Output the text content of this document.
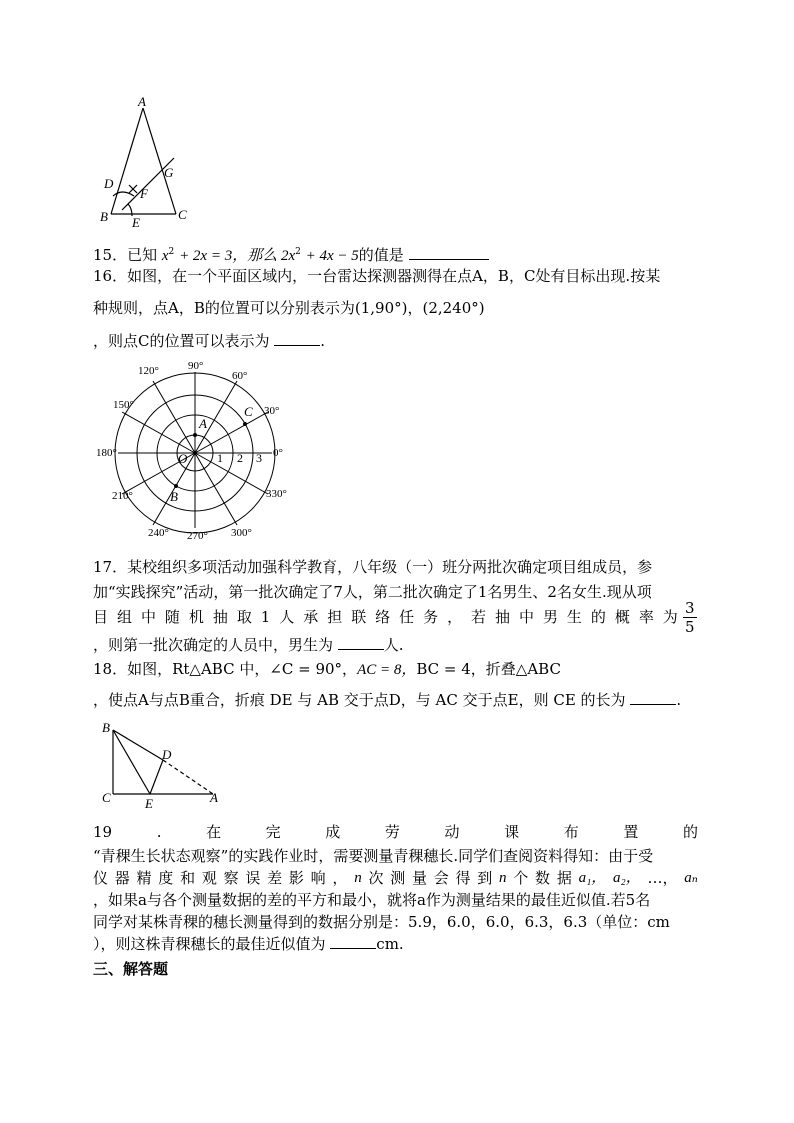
A
B	C
D
E
F
G
15．已知 $x^2 + 2x = 3$，那么 $2x^2 + 4x - 5$的值是
16．如图，在一个平面区域内，一台雷达探测器测得在点A，B，C处有目标出现.按某
种规则，点A，B的位置可以分别表示为(1,90°)，(2,240°)
，则点C的位置可以表示为	.
90°
60°
30°
0°
330°
300°
270°
240°
210°
180°
150°
120°
1 2 3
A
B
C
O
17．某校组织多项活动加强科学教育，八年级（一）班分两批次确定项目组成员，参
加“实践探究”活动，第一批次确定了7人，第二批次确定了1名男生、2名女生.现从项
目 组 中 随 机 抽 取 1 人 承 担 联 络 任 务 ， 若 抽 中 男 生 的 概 率 为 $\frac{3}{5}$
，则第一批次确定的人员中，男生为	人.
18．如图，Rt△ABC 中，∠C = 90°，AC = 8，BC = 4，折叠△ABC
，使点A与点B重合，折痕 DE 与 AB 交于点D，与 AC 交于点E，则 CE 的长为	.
B
D
C	E	A
19	.	在	完	成	劳	动	课	布	置	的
“青稞生长状态观察”的实践作业时，需要测量青稞穗长.同学们查阅资料得知：由于受
仪 器 精 度 和 观 察 误 差 影 响 ， n 次 测 量 会 得 到 n 个 数 据 a₁， a₂， …， aₙ
，如果a与各个测量数据的差的平方和最小，就将a作为测量结果的最佳近似值.若5名
同学对某株青稞的穗长测量得到的数据分别是：5.9，6.0，6.0，6.3，6.3（单位：cm
），则这株青稞穗长的最佳近似值为	cm.
三、解答题
